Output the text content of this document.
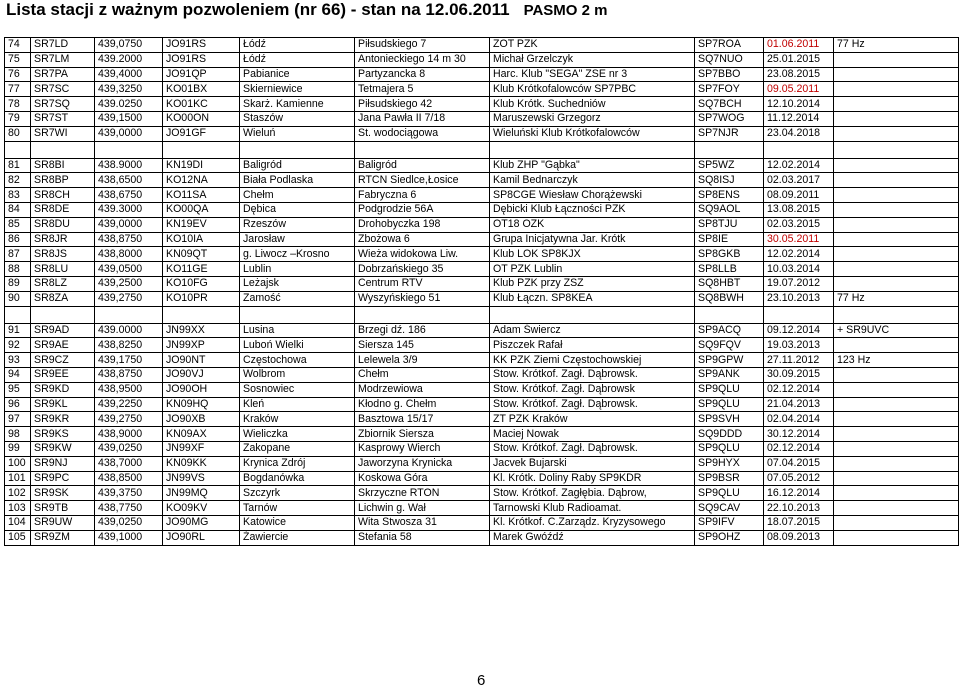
Lista stacji z ważnym pozwoleniem (nr 66) - stan na 12.06.2011 PASMO 2 m
74	SR7LD	439,0750	JO91RS	Łódź	Piłsudskiego 7	ZOT PZK	SP7ROA	01.06.2011	77 Hz
75	SR7LM	439.2000	JO91RS	Łódź	Antonieckiego 14 m 30	Michał Grzelczyk	SQ7NUO	25.01.2015	
76	SR7PA	439,4000	JO91QP	Pabianice	Partyzancka 8	Harc. Klub "SEGA" ZSE nr 3	SP7BBO	23.08.2015	
77	SR7SC	439,3250	KO01BX	Skierniewice	Tetmajera 5	Klub Krótkofalowców SP7PBC	SP7FOY	09.05.2011	
78	SR7SQ	439.0250	KO01KC	Skarż. Kamienne	Piłsudskiego 42	Klub Krótk. Suchedniów	SQ7BCH	12.10.2014	
79	SR7ST	439,1500	KO00ON	Staszów	Jana Pawła II 7/18	Maruszewski Grzegorz	SP7WOG	11.12.2014	
80	SR7WI	439,0000	JO91GF	Wieluń	St. wodociągowa	Wieluński Klub Krótkofalowców	SP7NJR	23.04.2018	

81	SR8BI	438.9000	KN19DI	Baligród	Baligród	Klub ZHP "Gąbka"	SP5WZ	12.02.2014	
82	SR8BP	438,6500	KO12NA	Biała Podlaska	RTCN Siedlce,Łosice	Kamil Bednarczyk	SQ8ISJ	02.03.2017	
83	SR8CH	438,6750	KO11SA	Chełm	Fabryczna 6	SP8CGE Wiesław Chorążewski	SP8ENS	08.09.2011	
84	SR8DE	439.3000	KO00QA	Dębica	Podgrodzie 56A	Dębicki Klub Łączności PZK	SQ9AOL	13.08.2015	
85	SR8DU	439,0000	KN19EV	Rzeszów	Drohobyczka 198	OT18 OZK	SP8TJU	02.03.2015	
86	SR8JR	438,8750	KO10IA	Jarosław	Zbożowa 6	Grupa Inicjatywna Jar. Krótk	SP8IE	30.05.2011	
87	SR8JS	438,8000	KN09QT	g. Liwocz –Krosno	Wieża widokowa Liw.	Klub LOK SP8KJX	SP8GKB	12.02.2014	
88	SR8LU	439,0500	KO11GE	Lublin	Dobrzańskiego 35	OT PZK Lublin	SP8LLB	10.03.2014	
89	SR8LZ	439,2500	KO10FG	Leżajsk	Centrum RTV	Klub PZK przy ZSZ	SQ8HBT	19.07.2012	
90	SR8ZA	439,2750	KO10PR	Zamość	Wyszyńskiego 51	Klub Łączn. SP8KEA	SQ8BWH	23.10.2013	77 Hz

91	SR9AD	439.0000	JN99XX	Lusina	Brzegi dź. 186	Adam Świercz	SP9ACQ	09.12.2014	+ SR9UVC
92	SR9AE	438,8250	JN99XP	Luboń Wielki	Siersza 145	Piszczek Rafał	SQ9FQV	19.03.2013	
93	SR9CZ	439,1750	JO90NT	Częstochowa	Lelewela 3/9	KK PZK Ziemi Częstochowskiej	SP9GPW	27.11.2012	123 Hz
94	SR9EE	438,8750	JO90VJ	Wolbrom	Chełm	Stow. Krótkof. Zagł. Dąbrowsk.	SP9ANK	30.09.2015	
95	SR9KD	438,9500	JO90OH	Sosnowiec	Modrzewiowa	Stow. Krótkof. Zagł. Dąbrowsk	SP9QLU	02.12.2014	
96	SR9KL	439,2250	KN09HQ	Kleń	Kłodno g. Chełm	Stow. Krótkof. Zagł. Dąbrowsk.	SP9QLU	21.04.2013	
97	SR9KR	439,2750	JO90XB	Kraków	Basztowa 15/17	ZT PZK Kraków	SP9SVH	02.04.2014	
98	SR9KS	438,9000	KN09AX	Wieliczka	Zbiornik Siersza	Maciej Nowak	SQ9DDD	30.12.2014	
99	SR9KW	439,0250	JN99XF	Zakopane	Kasprowy Wierch	Stow. Krótkof. Zagł. Dąbrowsk.	SP9QLU	02.12.2014	
100	SR9NJ	438,7000	KN09KK	Krynica Zdrój	Jaworzyna Krynicka	Jacvek Bujarski	SP9HYX	07.04.2015	
101	SR9PC	438,8500	JN99VS	Bogdanówka	Koskowa Góra	Kl. Krótk. Doliny Raby SP9KDR	SP9BSR	07.05.2012	
102	SR9SK	439,3750	JN99MQ	Szczyrk	Skrzyczne RTON	Stow. Krótkof. Zagłębia. Dąbrow,	SP9QLU	16.12.2014	
103	SR9TB	438,7750	KO09KV	Tarnów	Lichwin g. Wał	Tarnowski Klub Radioamat.	SQ9CAV	22.10.2013	
104	SR9UW	439,0250	JO90MG	Katowice	Wita Stwosza 31	Kl. Krótkof. C.Zarządz. Kryzysowego	SP9IFV	18.07.2015	
105	SR9ZM	439,1000	JO90RL	Żawiercie	Stefania 58	Marek Gwóźdź	SP9OHZ	08.09.2013	
6
